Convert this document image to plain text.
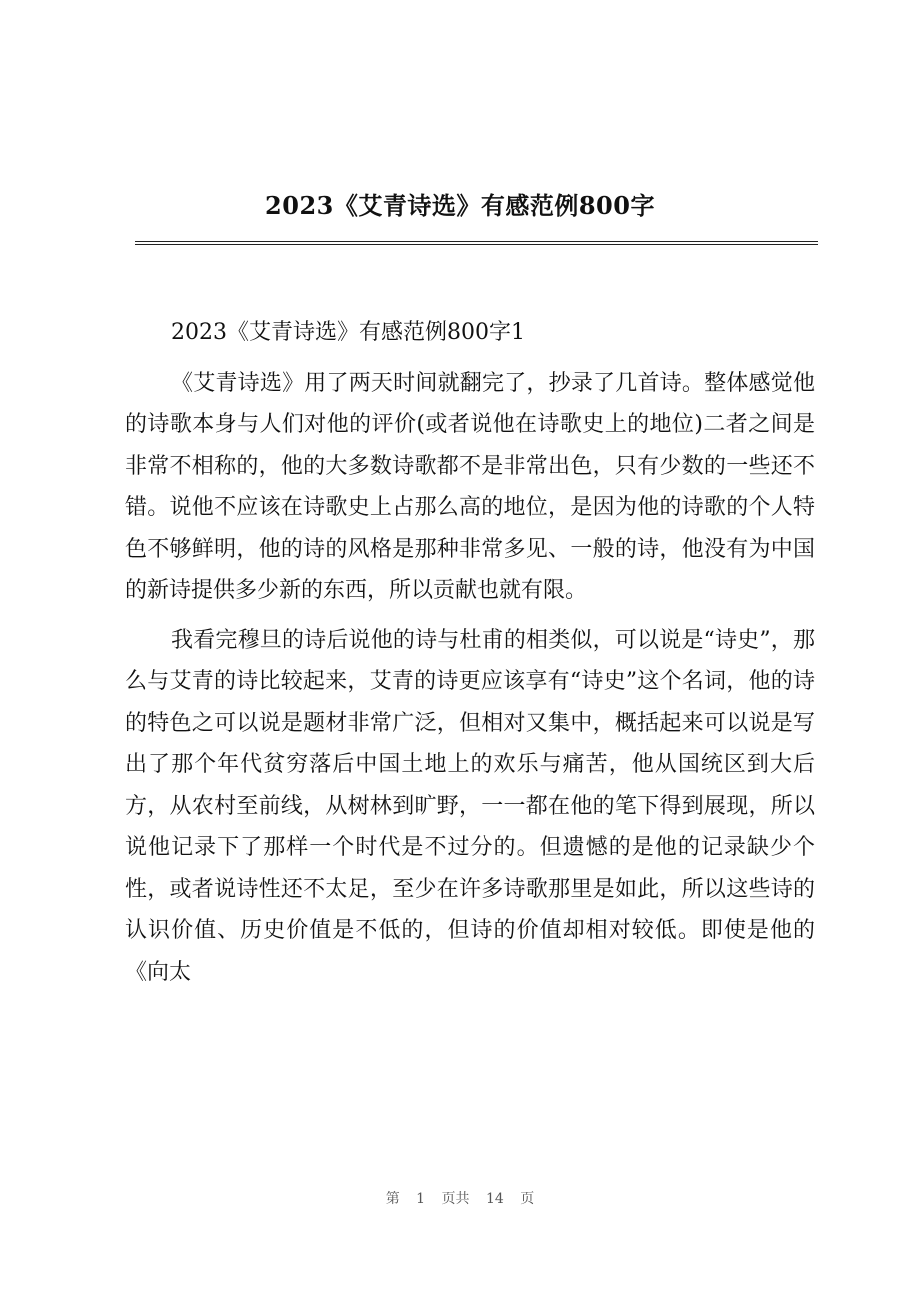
2023《艾青诗选》有感范例800字

2023《艾青诗选》有感范例800字1

《艾青诗选》用了两天时间就翻完了，抄录了几首诗。整体感觉他的诗歌本身与人们对他的评价(或者说他在诗歌史上的地位)二者之间是非常不相称的，他的大多数诗歌都不是非常出色，只有少数的一些还不错。说他不应该在诗歌史上占那么高的地位，是因为他的诗歌的个人特色不够鲜明，他的诗的风格是那种非常多见、一般的诗，他没有为中国的新诗提供多少新的东西，所以贡献也就有限。

我看完穆旦的诗后说他的诗与杜甫的相类似，可以说是“诗史”，那么与艾青的诗比较起来，艾青的诗更应该享有“诗史”这个名词，他的诗的特色之可以说是题材非常广泛，但相对又集中，概括起来可以说是写出了那个年代贫穷落后中国土地上的欢乐与痛苦，他从国统区到大后方，从农村至前线，从树林到旷野，一一都在他的笔下得到展现，所以说他记录下了那样一个时代是不过分的。但遗憾的是他的记录缺少个性，或者说诗性还不太足，至少在许多诗歌那里是如此，所以这些诗的认识价值、历史价值是不低的，但诗的价值却相对较低。即使是他的《向太

第 1 页共 14 页
